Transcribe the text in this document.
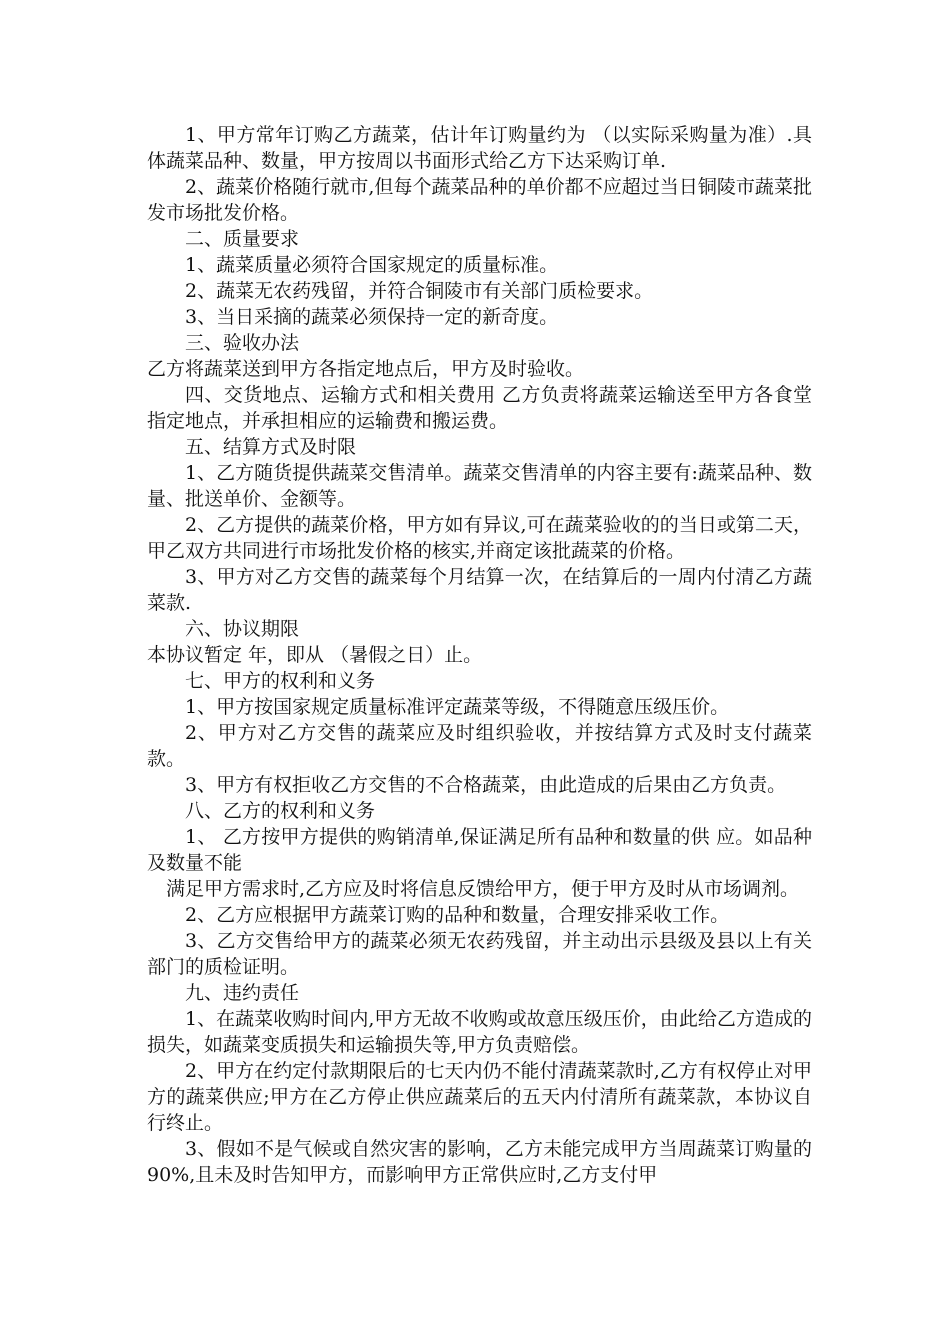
1、甲方常年订购乙方蔬菜，估计年订购量约为 （以实际采购量为准）.具体蔬菜品种、数量，甲方按周以书面形式给乙方下达采购订单.

2、蔬菜价格随行就市,但每个蔬菜品种的单价都不应超过当日铜陵市蔬菜批发市场批发价格。

二、质量要求

1、蔬菜质量必须符合国家规定的质量标准。

2、蔬菜无农药残留，并符合铜陵市有关部门质检要求。

3、当日采摘的蔬菜必须保持一定的新奇度。

三、验收办法

乙方将蔬菜送到甲方各指定地点后，甲方及时验收。

四、交货地点、运输方式和相关费用 乙方负责将蔬菜运输送至甲方各食堂指定地点，并承担相应的运输费和搬运费。

五、结算方式及时限

1、乙方随货提供蔬菜交售清单。蔬菜交售清单的内容主要有:蔬菜品种、数量、批送单价、金额等。

2、乙方提供的蔬菜价格，甲方如有异议,可在蔬菜验收的的当日或第二天，甲乙双方共同进行市场批发价格的核实,并商定该批蔬菜的价格。

3、甲方对乙方交售的蔬菜每个月结算一次，在结算后的一周内付清乙方蔬菜款.

六、协议期限

本协议暂定 年，即从 （暑假之日）止。

七、甲方的权利和义务

1、甲方按国家规定质量标准评定蔬菜等级，不得随意压级压价。

2、甲方对乙方交售的蔬菜应及时组织验收，并按结算方式及时支付蔬菜款。

3、甲方有权拒收乙方交售的不合格蔬菜，由此造成的后果由乙方负责。

八、乙方的权利和义务

1、 乙方按甲方提供的购销清单,保证满足所有品种和数量的供 应。如品种及数量不能

满足甲方需求时,乙方应及时将信息反馈给甲方，便于甲方及时从市场调剂。

2、乙方应根据甲方蔬菜订购的品种和数量，合理安排采收工作。

3、乙方交售给甲方的蔬菜必须无农药残留，并主动出示县级及县以上有关部门的质检证明。

九、违约责任

1、在蔬菜收购时间内,甲方无故不收购或故意压级压价，由此给乙方造成的损失，如蔬菜变质损失和运输损失等,甲方负责赔偿。

2、甲方在约定付款期限后的七天内仍不能付清蔬菜款时,乙方有权停止对甲方的蔬菜供应;甲方在乙方停止供应蔬菜后的五天内付清所有蔬菜款，本协议自行终止。

3、假如不是气候或自然灾害的影响，乙方未能完成甲方当周蔬菜订购量的90%,且未及时告知甲方，而影响甲方正常供应时,乙方支付甲
